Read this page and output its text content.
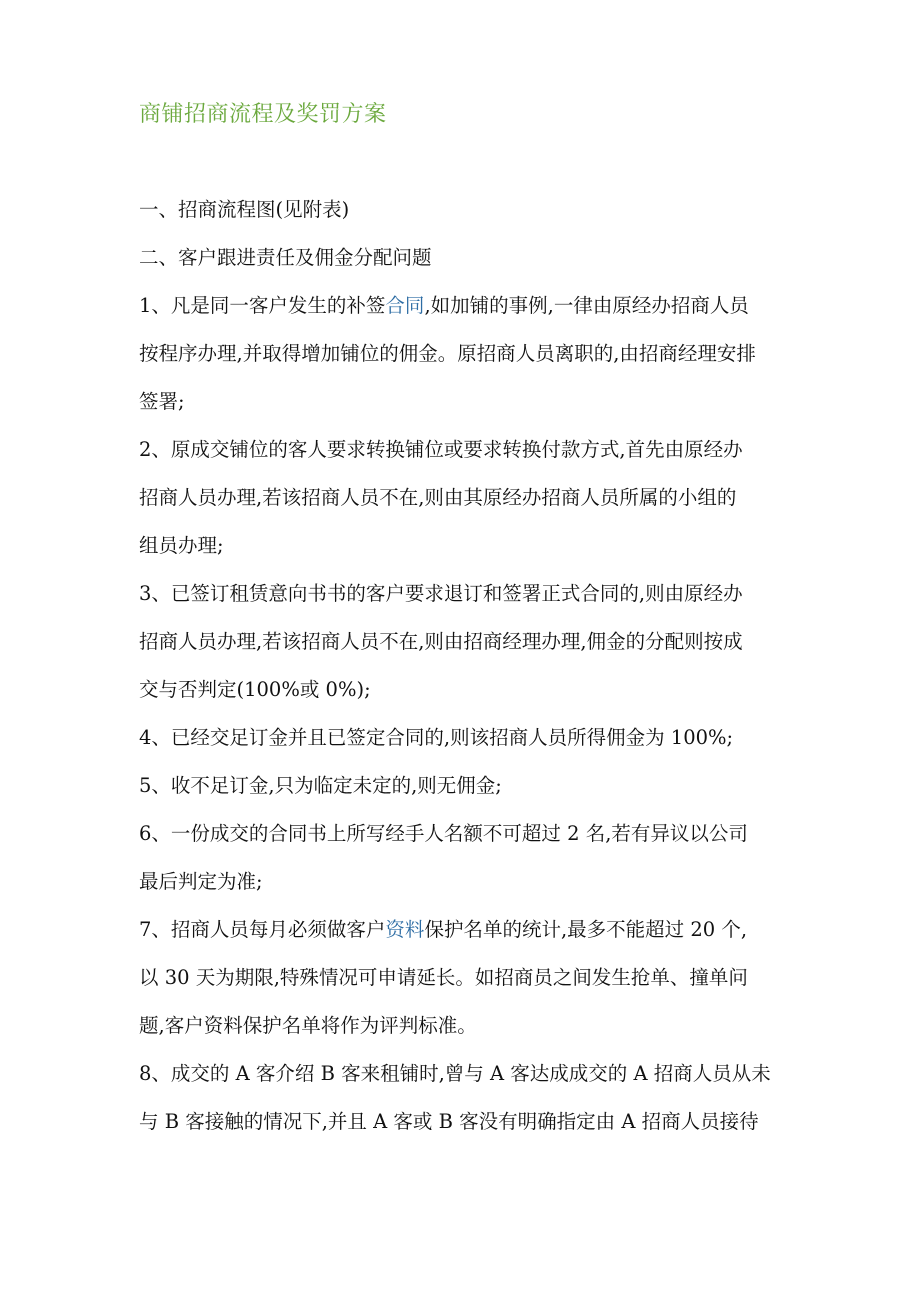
商铺招商流程及奖罚方案
一、招商流程图(见附表)
二、客户跟进责任及佣金分配问题
1、凡是同一客户发生的补签合同,如加铺的事例,一律由原经办招商人员
按程序办理,并取得增加铺位的佣金。原招商人员离职的,由招商经理安排
签署;
2、原成交铺位的客人要求转换铺位或要求转换付款方式,首先由原经办
招商人员办理,若该招商人员不在,则由其原经办招商人员所属的小组的
组员办理;
3、已签订租赁意向书书的客户要求退订和签署正式合同的,则由原经办
招商人员办理,若该招商人员不在,则由招商经理办理,佣金的分配则按成
交与否判定(100%或 0%);
4、已经交足订金并且已签定合同的,则该招商人员所得佣金为 100%;
5、收不足订金,只为临定未定的,则无佣金;
6、一份成交的合同书上所写经手人名额不可超过 2 名,若有异议以公司
最后判定为准;
7、招商人员每月必须做客户资料保护名单的统计,最多不能超过 20 个,
以 30 天为期限,特殊情况可申请延长。如招商员之间发生抢单、撞单问
题,客户资料保护名单将作为评判标准。
8、成交的 A 客介绍 B 客来租铺时,曾与 A 客达成成交的 A 招商人员从未
与 B 客接触的情况下,并且 A 客或 B 客没有明确指定由 A 招商人员接待
